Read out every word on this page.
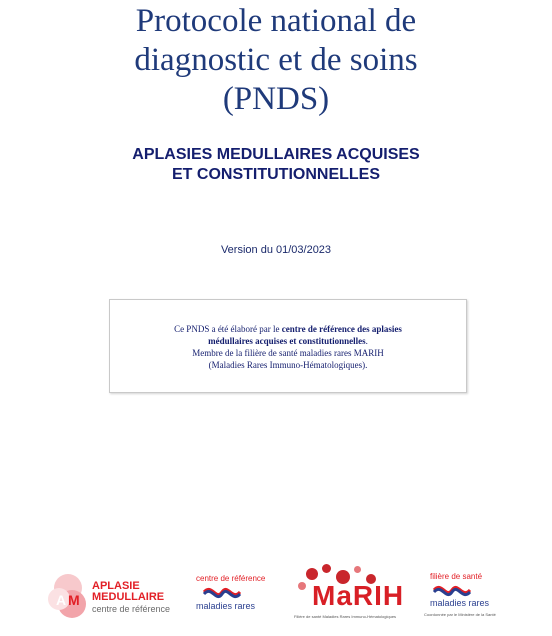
Protocole national de
diagnostic et de soins
(PNDS)
APLASIES MEDULLAIRES ACQUISES
ET CONSTITUTIONNELLES
Version du 01/03/2023
Ce PNDS a été élaboré par le centre de référence des aplasies
médullaires acquises et constitutionnelles.
Membre de la filière de santé maladies rares MARIH
(Maladies Rares Immuno-Hématologiques).
A M
APLASIE
MEDULLAIRE
centre de référence
centre de référence
maladies rares MaRIH
Filière de santé Maladies Rares Immuno-Hématologiques
filière de santé
maladies rares
Coordonnée par le Ministère de la Santé
